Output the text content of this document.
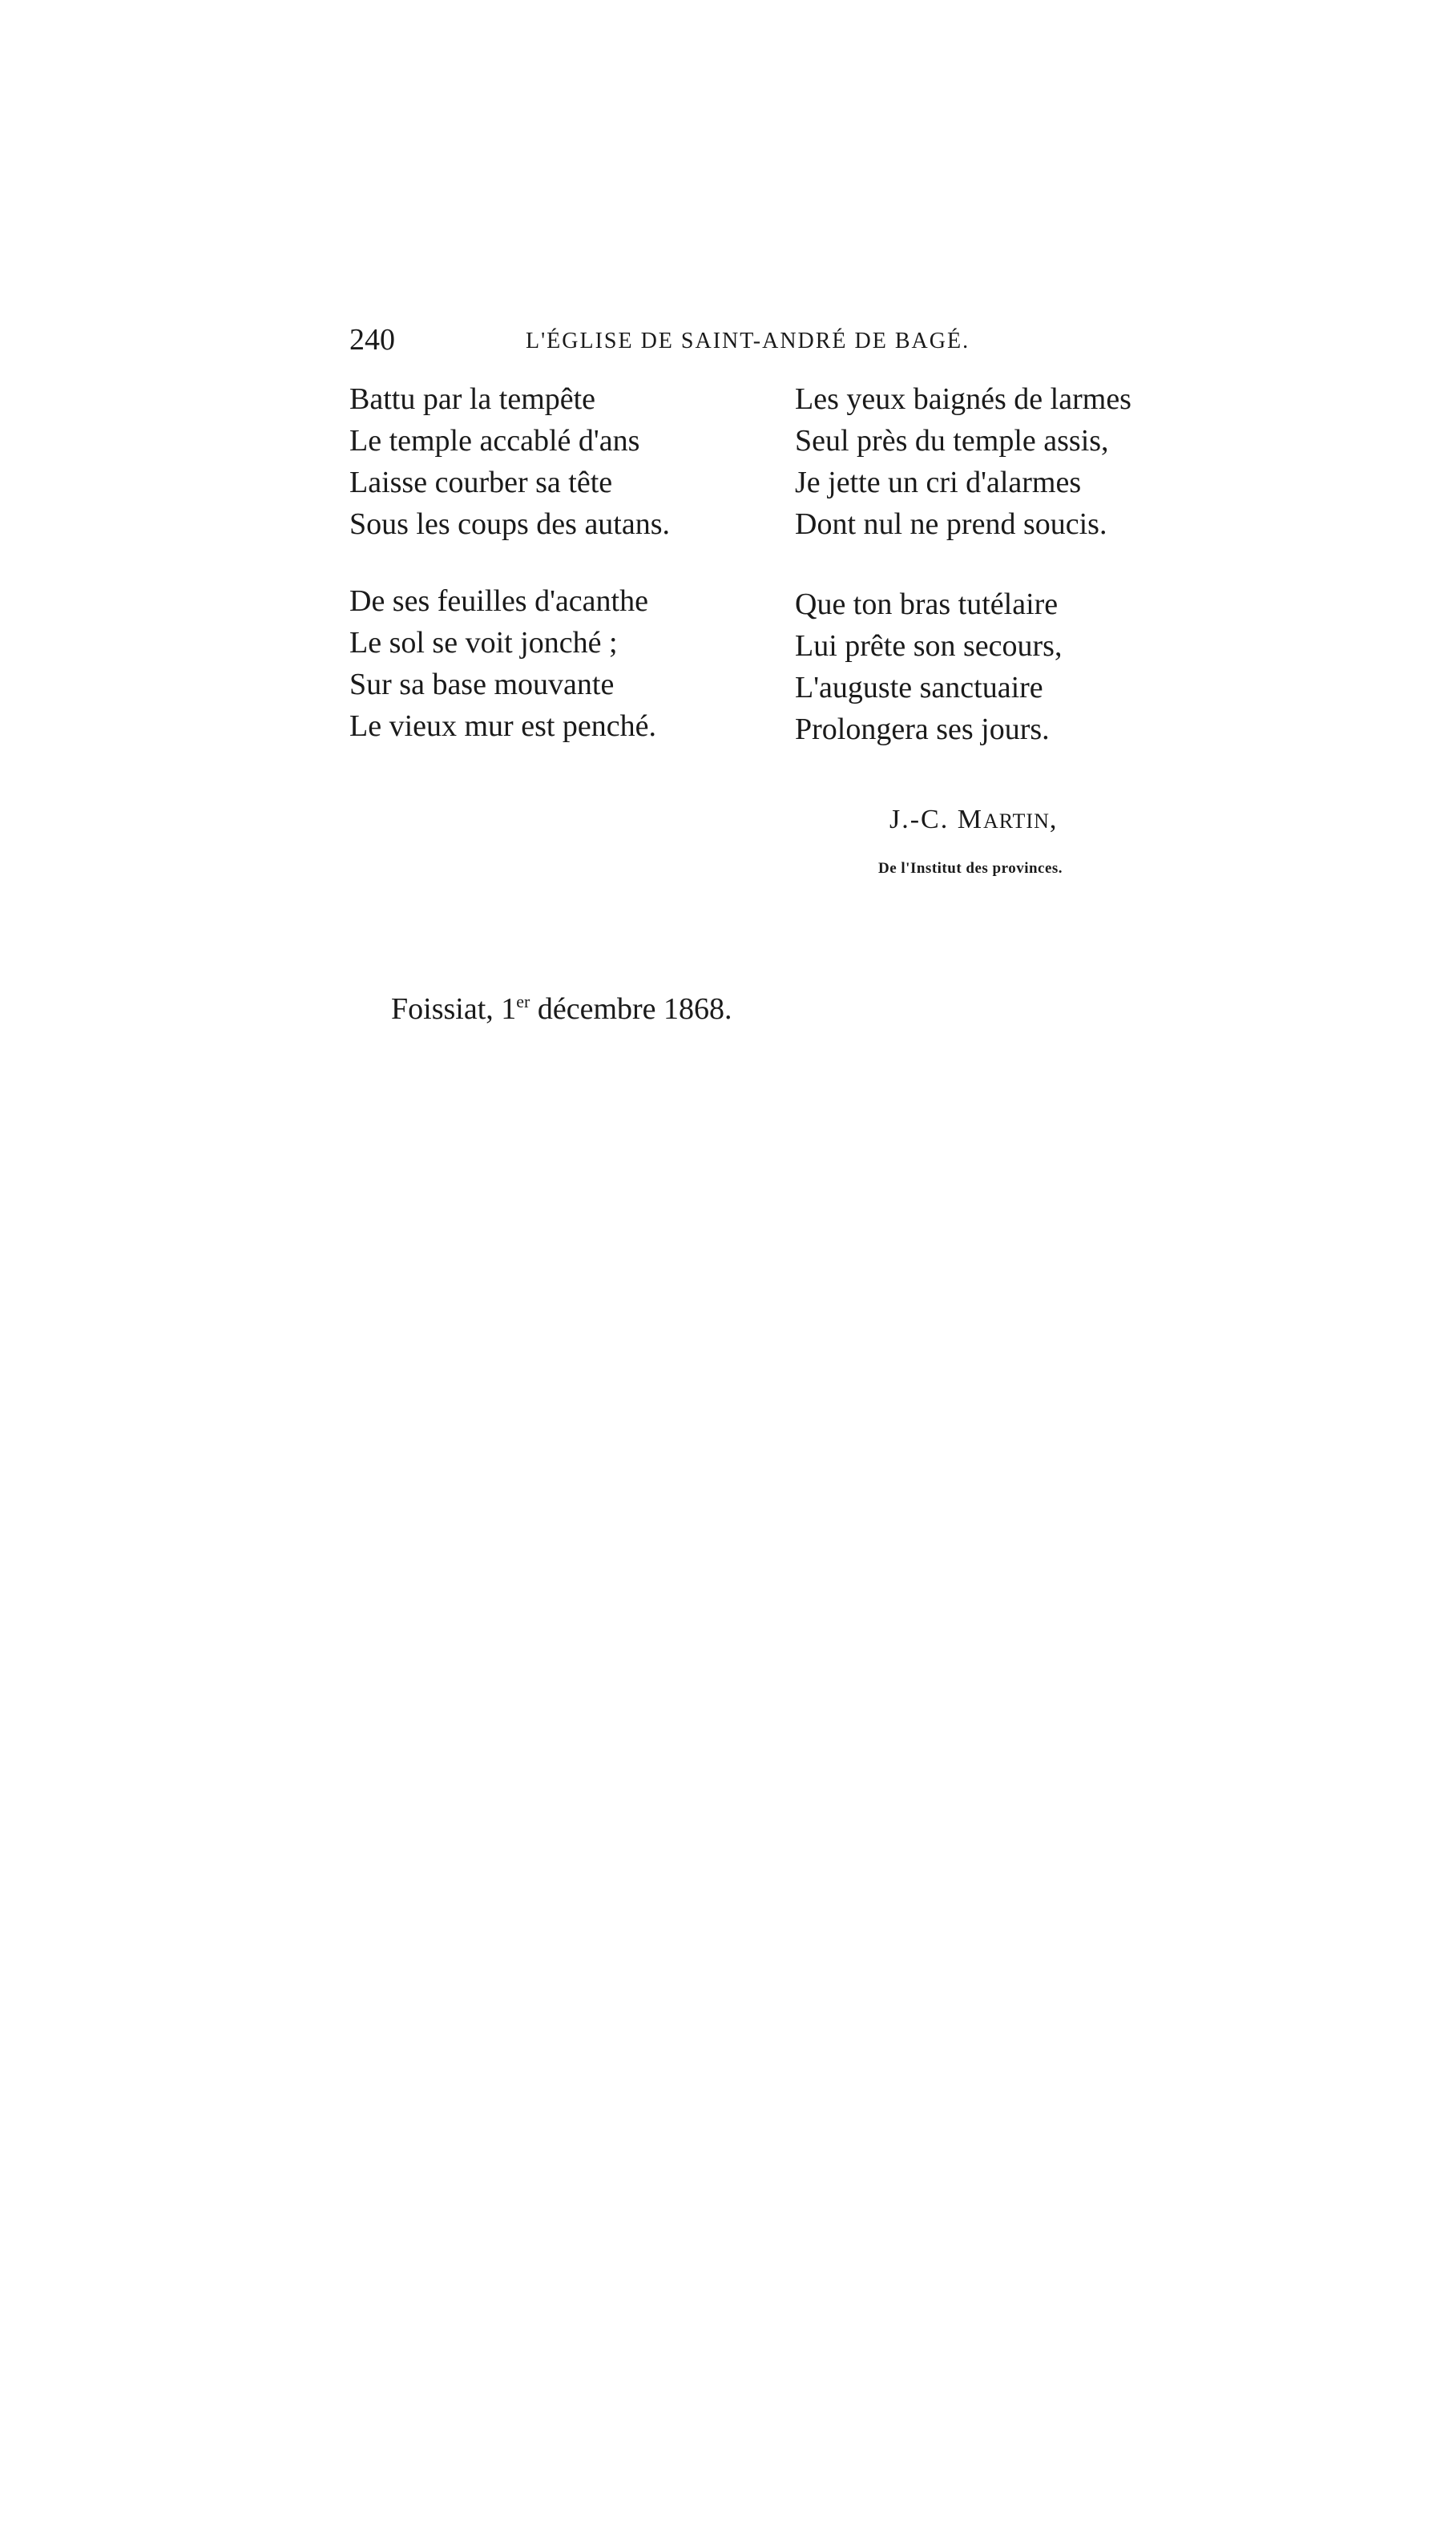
240	L'ÉGLISE DE SAINT-ANDRÉ DE BAGÉ.
Battu par la tempête
Le temple accablé d'ans
Laisse courber sa tête
Sous les coups des autans.
Les yeux baignés de larmes
Seul près du temple assis,
Je jette un cri d'alarmes
Dont nul ne prend soucis.
De ses feuilles d'acanthe
Le sol se voit jonché ;
Sur sa base mouvante
Le vieux mur est penché.
Que ton bras tutélaire
Lui prête son secours,
L'auguste sanctuaire
Prolongera ses jours.
J.-C. MARTIN,
De l'Institut des provinces.
Foissiat, 1er décembre 1868.
